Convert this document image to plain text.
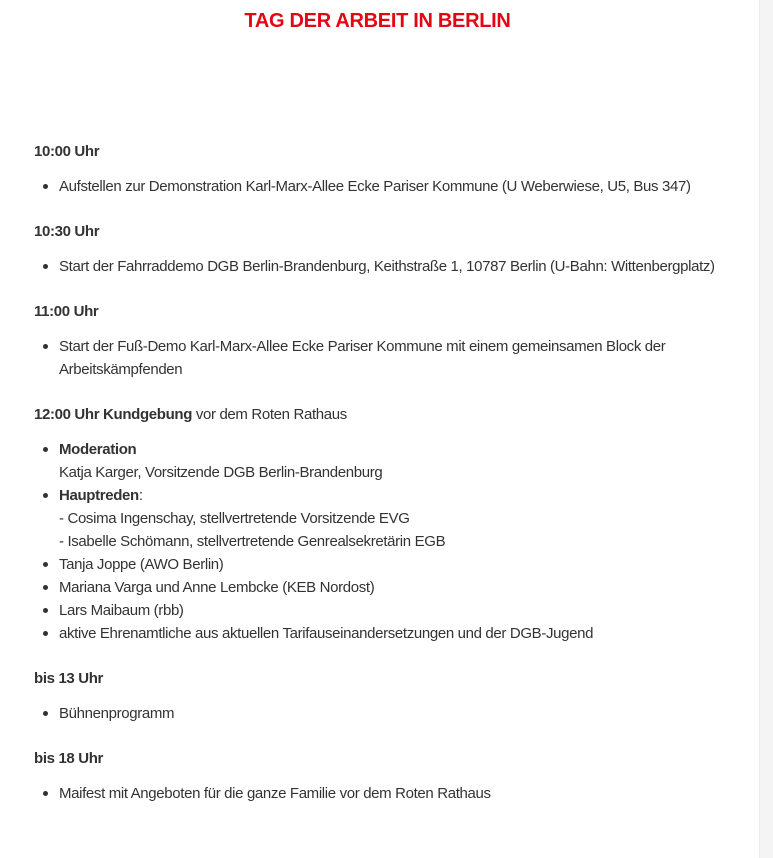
TAG DER ARBEIT IN BERLIN

10:00 Uhr

Aufstellen zur Demonstration Karl-Marx-Allee Ecke Pariser Kommune (U Weberwiese, U5, Bus 347)

10:30 Uhr

Start der Fahrraddemo DGB Berlin-Brandenburg, Keithstraße 1, 10787 Berlin (U-Bahn: Wittenbergplatz)

11:00 Uhr

Start der Fuß-Demo Karl-Marx-Allee Ecke Pariser Kommune mit einem gemeinsamen Block der Arbeitskämpfenden

12:00 Uhr Kundgebung vor dem Roten Rathaus

Moderation
Katja Karger, Vorsitzende DGB Berlin-Brandenburg
Hauptreden:
- Cosima Ingenschay, stellvertretende Vorsitzende EVG
- Isabelle Schömann, stellvertretende Genrealsekretärin EGB
Tanja Joppe (AWO Berlin)
Mariana Varga und Anne Lembcke (KEB Nordost)
Lars Maibaum (rbb)
aktive Ehrenamtliche aus aktuellen Tarifauseinandersetzungen und der DGB-Jugend

bis 13 Uhr

Bühnenprogramm

bis 18 Uhr

Maifest mit Angeboten für die ganze Familie vor dem Roten Rathaus
